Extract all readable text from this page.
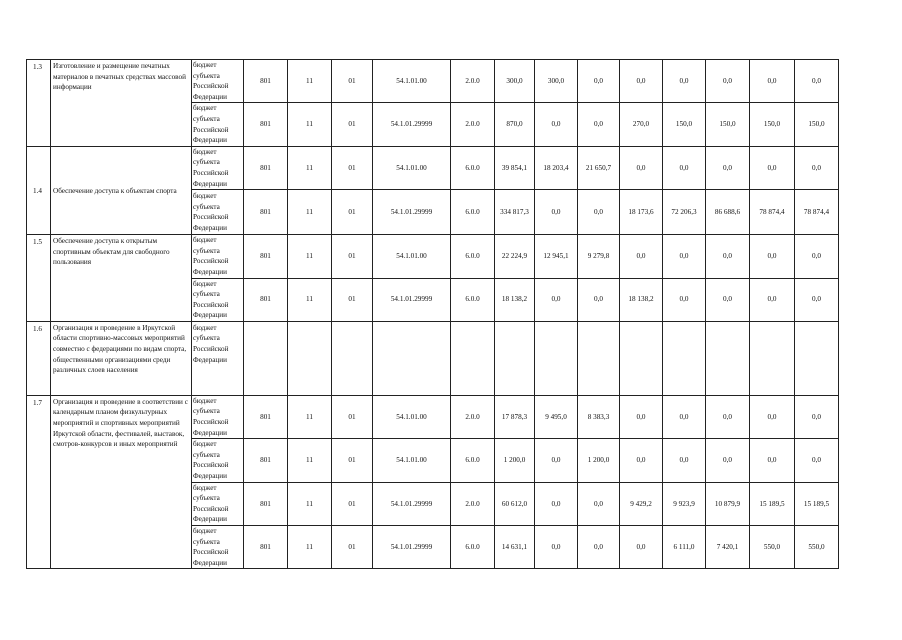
1.3	Изготовление и размещение печатных материалов в печатных средствах массовой информации	бюджет субъекта Российской Федерации	801	11	01	54.1.01.00	2.0.0	300,0	300,0	0,0	0,0	0,0	0,0	0,0	0,0
		бюджет субъекта Российской Федерации	801	11	01	54.1.01.29999	2.0.0	870,0	0,0	0,0	270,0	150,0	150,0	150,0	150,0
1.4	Обеспечение доступа к объектам спорта	бюджет субъекта Российской Федерации	801	11	01	54.1.01.00	6.0.0	39 854,1	18 203,4	21 650,7	0,0	0,0	0,0	0,0	0,0
		бюджет субъекта Российской Федерации	801	11	01	54.1.01.29999	6.0.0	334 817,3	0,0	0,0	18 173,6	72 206,3	86 688,6	78 874,4	78 874,4
1.5	Обеспечение доступа к открытым спортивным объектам для свободного пользования	бюджет субъекта Российской Федерации	801	11	01	54.1.01.00	6.0.0	22 224,9	12 945,1	9 279,8	0,0	0,0	0,0	0,0	0,0
		бюджет субъекта Российской Федерации	801	11	01	54.1.01.29999	6.0.0	18 138,2	0,0	0,0	18 138,2	0,0	0,0	0,0	0,0
1.6	Организация и проведение в Иркутской области спортивно-массовых мероприятий совместно с федерациями по видам спорта, общественными организациями среди различных слоев населения	бюджет субъекта Российской Федерации													
1.7	Организация и проведение в соответствии с календарным планом физкультурных мероприятий и спортивных мероприятий Иркутской области, фестивалей, выставок, смотров-конкурсов и иных мероприятий	бюджет субъекта Российской Федерации	801	11	01	54.1.01.00	2.0.0	17 878,3	9 495,0	8 383,3	0,0	0,0	0,0	0,0	0,0
		бюджет субъекта Российской Федерации	801	11	01	54.1.01.00	6.0.0	1 200,0	0,0	1 200,0	0,0	0,0	0,0	0,0	0,0
		бюджет субъекта Российской Федерации	801	11	01	54.1.01.29999	2.0.0	60 612,0	0,0	0,0	9 429,2	9 923,9	10 879,9	15 189,5	15 189,5
		бюджет субъекта Российской Федерации	801	11	01	54.1.01.29999	6.0.0	14 631,1	0,0	0,0	0,0	6 111,0	7 420,1	550,0	550,0
